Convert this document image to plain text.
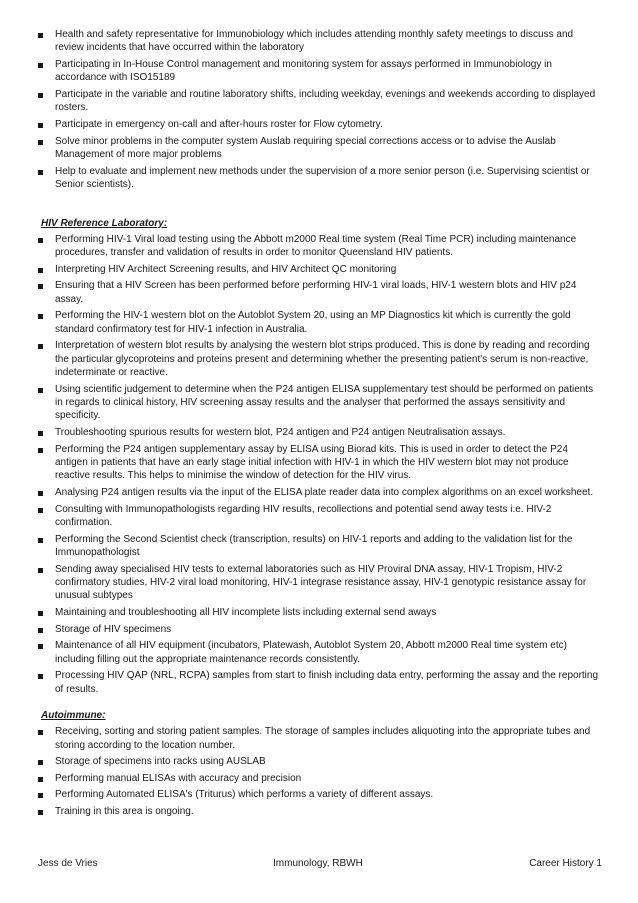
Health and safety representative for Immunobiology which includes attending monthly safety meetings to discuss and review incidents that have occurred within the laboratory
Participating in In-House Control management and monitoring system for assays performed in Immunobiology in accordance with ISO15189
Participate in the variable and routine laboratory shifts, including weekday, evenings and weekends according to displayed rosters.
Participate in emergency on-call and after-hours roster for Flow cytometry.
Solve minor problems in the computer system Auslab requiring special corrections access or to advise the Auslab Management of more major problems
Help to evaluate and implement new methods under the supervision of a more senior person (i.e. Supervising scientist or Senior scientists).
HIV Reference Laboratory:
Performing HIV-1 Viral load testing using the Abbott m2000 Real time system (Real Time PCR) including maintenance procedures, transfer and validation of results in order to monitor Queensland HIV patients.
Interpreting HIV Architect Screening results, and HIV Architect QC monitoring
Ensuring that a HIV Screen has been performed before performing HIV-1 viral loads, HIV-1 western blots and HIV p24 assay.
Performing the HIV-1 western blot on the Autoblot System 20, using an MP Diagnostics kit which is currently the gold standard confirmatory test for HIV-1 infection in Australia.
Interpretation of western blot results by analysing the western blot strips produced. This is done by reading and recording the particular glycoproteins and proteins present and determining whether the presenting patient's serum is non-reactive, indeterminate or reactive.
Using scientific judgement to determine when the P24 antigen ELISA supplementary test should be performed on patients in regards to clinical history, HIV screening assay results and the analyser that performed the assays sensitivity and specificity.
Troubleshooting spurious results for western blot, P24 antigen and P24 antigen Neutralisation assays.
Performing the P24 antigen supplementary assay by ELISA using Biorad kits. This is used in order to detect the P24 antigen in patients that have an early stage initial infection with HIV-1 in which the HIV western blot may not produce reactive results. This helps to minimise the window of detection for the HIV virus.
Analysing P24 antigen results via the input of the ELISA plate reader data into complex algorithms on an excel worksheet.
Consulting with Immunopathologists regarding HIV results, recollections and potential send away tests i.e. HIV-2 confirmation.
Performing the Second Scientist check (transcription, results) on HIV-1 reports and adding to the validation list for the Immunopathologist
Sending away specialised HIV tests to external laboratories such as HIV Proviral DNA assay, HIV-1 Tropism, HIV-2 confirmatory studies, HIV-2 viral load monitoring, HIV-1 integrase resistance assay, HIV-1 genotypic resistance assay for unusual subtypes
Maintaining and troubleshooting all HIV incomplete lists including external send aways
Storage of HIV specimens
Maintenance of all HIV equipment (incubators, Platewash, Autoblot System 20, Abbott m2000 Real time system etc) including filling out the appropriate maintenance records consistently.
Processing HIV QAP (NRL, RCPA) samples from start to finish including data entry, performing the assay and the reporting of results.
Autoimmune:
Receiving, sorting and storing patient samples. The storage of samples includes aliquoting into the appropriate tubes and storing according to the location number.
Storage of specimens into racks using AUSLAB
Performing manual ELISAs with accuracy and precision
Performing Automated ELISA's (Triturus) which performs a variety of different assays.
Training in this area is ongoing.
Jess de Vries	Immunology, RBWH	Career History 1
